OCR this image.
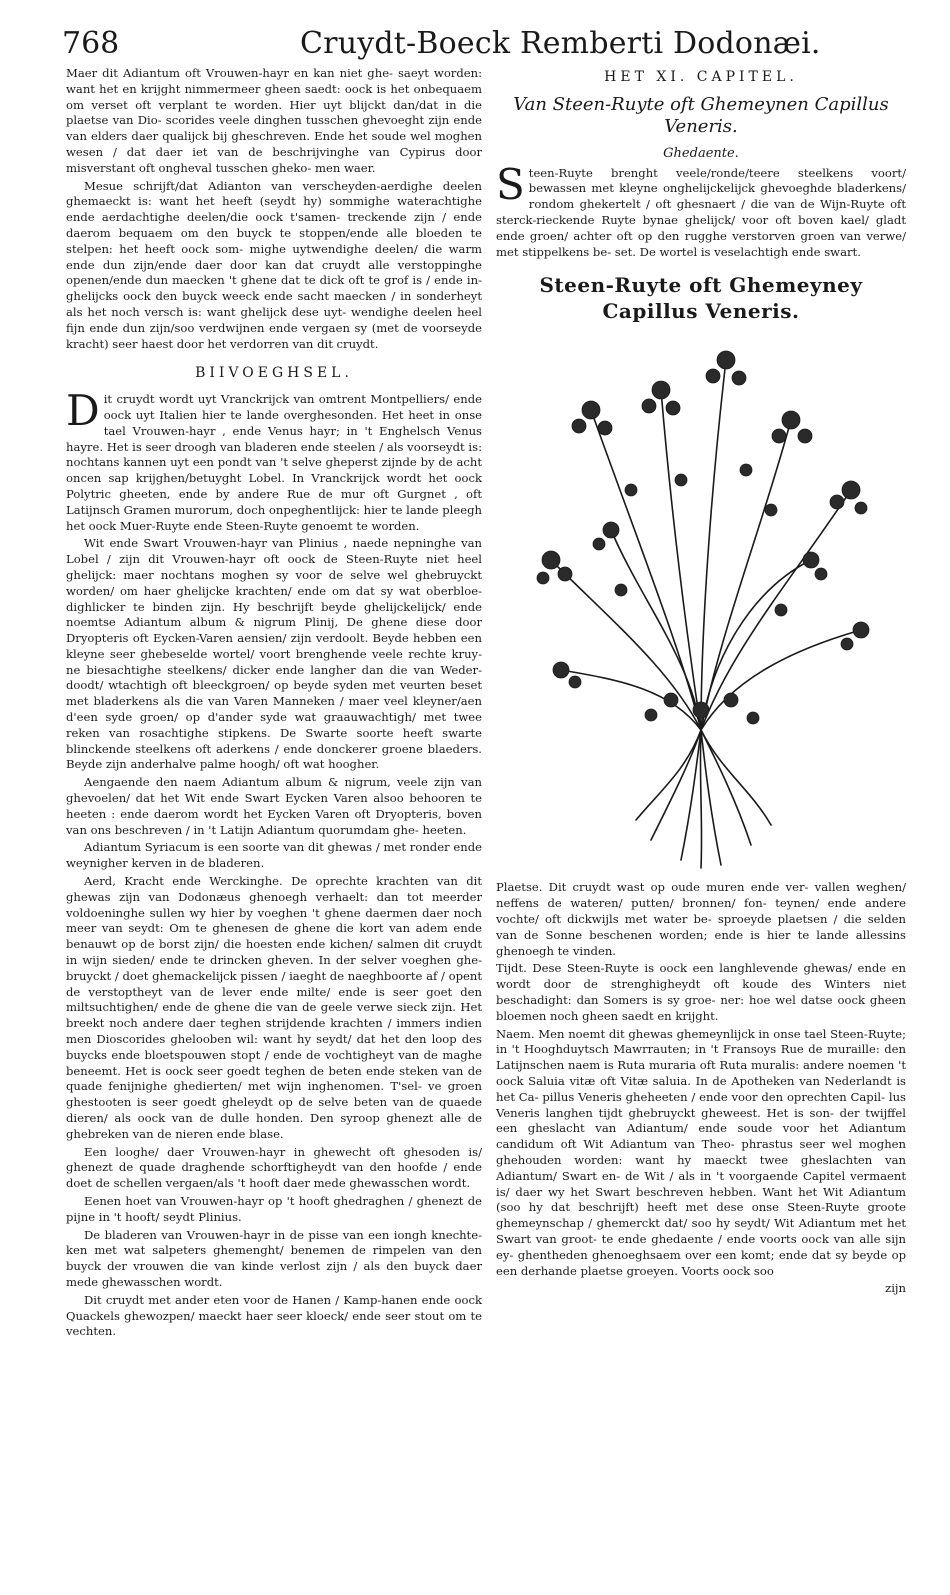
768	Cruydt-Boeck Remberti Dodonæi.

Maer dit Adiantum oft Vrouwen-hayr en kan niet ghe- saeyt worden: want het en krijght nimmermeer gheen saedt: oock is het onbequaem om verset oft verplant te worden. Hier uyt blijckt dan/dat in die plaetse van Dio- scorides veele dinghen tusschen ghevoeght zijn ende van elders daer qualijck bij gheschreven. Ende het soude wel moghen wesen / dat daer iet van de beschrijvinghe van Cypirus door misverstant oft ongheval tusschen gheko- men waer.

Mesue schrijft/dat Adianton van verscheyden-aerdighe deelen ghemaeckt is: want het heeft (seydt hy) sommighe waterachtighe ende aerdachtighe deelen/die oock t'samen- treckende zijn / ende daerom bequaem om den buyck te stoppen/ende alle bloeden te stelpen: het heeft oock som- mighe uytwendighe deelen/ die warm ende dun zijn/ende daer door kan dat cruydt alle verstoppinghe openen/ende dun maecken 't ghene dat te dick oft te grof is / ende in- ghelijcks oock den buyck weeck ende sacht maecken / in sonderheyt als het noch versch is: want ghelijck dese uyt- wendighe deelen heel fijn ende dun zijn/soo verdwijnen ende vergaen sy (met de voorseyde kracht) seer haest door het verdorren van dit cruydt.

BIIVOEGHSEL.

Dit cruydt wordt uyt Vranckrijck van omtrent Montpelliers/ ende oock uyt Italien hier te lande overghesonden. Het heet in onse tael Vrouwen-hayr , ende Venus hayr; in 't Enghelsch Venus hayre. Het is seer droogh van bladeren ende steelen / als voorseydt is: nochtans kannen uyt een pondt van 't selve gheperst zijnde by de acht oncen sap krijghen/betuyght Lobel. In Vranckrijck wordt het oock Polytric gheeten, ende by andere Rue de mur oft Gurgnet , oft Latijnsch Gramen murorum, doch onpeghentlijck: hier te lande pleegh het oock Muer-Ruyte ende Steen-Ruyte genoemt te worden.

Wit ende Swart Vrouwen-hayr van Plinius , naede nepninghe van Lobel / zijn dit Vrouwen-hayr oft oock de Steen-Ruyte niet heel ghelijck: maer nochtans moghen sy voor de selve wel ghebruyckt worden/ om haer ghelijcke krachten/ ende om dat sy wat oberbloe- dighlicker te binden zijn. Hy beschrijft beyde ghelijckelijck/ ende noemtse Adiantum album & nigrum Plinij, De ghene diese door Dryopteris oft Eycken-Varen aensien/ zijn verdoolt. Beyde hebben een kleyne seer ghebeselde wortel/ voort brenghende veele rechte kruy- ne biesachtighe steelkens/ dicker ende langher dan die van Weder- doodt/ wtachtigh oft bleeckgroen/ op beyde syden met veurten beset met bladerkens als die van Varen Manneken / maer veel kleyner/aen d'een syde groen/ op d'ander syde wat graauwachtigh/ met twee reken van rosachtighe stipkens. De Swarte soorte heeft swarte blinckende steelkens oft aderkens / ende donckerer groene blaeders. Beyde zijn anderhalve palme hoogh/ oft wat hoogher.

Aengaende den naem Adiantum album & nigrum, veele zijn van ghevoelen/ dat het Wit ende Swart Eycken Varen alsoo behooren te heeten : ende daerom wordt het Eycken Varen oft Dryopteris, boven van ons beschreven / in 't Latijn Adiantum quorumdam ghe- heeten.

Adiantum Syriacum is een soorte van dit ghewas / met ronder ende weynigher kerven in de bladeren.

Aerd, Kracht ende Werckinghe. De oprechte krachten van dit ghewas zijn van Dodonæus ghenoegh verhaelt: dan tot meerder voldoeninghe sullen wy hier by voeghen 't ghene daermen daer noch meer van seydt: Om te ghenesen de ghene die kort van adem ende benauwt op de borst zijn/ die hoesten ende kichen/ salmen dit cruydt in wijn sieden/ ende te drincken gheven. In der selver voeghen ghe- bruyckt / doet ghemackelijck pissen / iaeght de naeghboorte af / opent de verstoptheyt van de lever ende milte/ ende is seer goet den miltsuchtighen/ ende de ghene die van de geele verwe sieck zijn. Het breekt noch andere daer teghen strijdende krachten / immers indien men Dioscorides ghelooben wil: want hy seydt/ dat het den loop des buycks ende bloetspouwen stopt / ende de vochtigheyt van de maghe beneemt. Het is oock seer goedt teghen de beten ende steken van de quade fenijnighe ghedierten/ met wijn inghenomen. T'sel- ve groen ghestooten is seer goedt gheleydt op de selve beten van de quaede dieren/ als oock van de dulle honden. Den syroop ghenezt alle de ghebreken van de nieren ende blase.

Een looghe/ daer Vrouwen-hayr in ghewecht oft ghesoden is/ ghenezt de quade draghende schorftigheydt van den hoofde / ende doet de schellen vergaen/als 't hooft daer mede ghewasschen wordt.

Eenen hoet van Vrouwen-hayr op 't hooft ghedraghen / ghenezt de pijne in 't hooft/ seydt Plinius.

De bladeren van Vrouwen-hayr in de pisse van een iongh knechte- ken met wat salpeters ghemenght/ benemen de rimpelen van den buyck der vrouwen die van kinde verlost zijn / als den buyck daer mede ghewasschen wordt.

Dit cruydt met ander eten voor de Hanen / Kamp-hanen ende oock Quackels ghewozpen/ maeckt haer seer kloeck/ ende seer stout om te vechten.

HET XI. CAPITEL.
Van Steen-Ruyte oft Ghemeynen Capillus Veneris.
Ghedaente.

Steen-Ruyte brenght veele/ronde/teere steelkens voort/ bewassen met kleyne onghelijckelijck ghevoeghde bladerkens/ rondom ghekertelt / oft ghesnaert / die van de Wijn-Ruyte oft sterck-rieckende Ruyte bynae ghelijck/ voor oft boven kael/ gladt ende groen/ achter oft op den rugghe verstorven groen van verwe/ met stippelkens be- set. De wortel is veselachtigh ende swart.

Steen-Ruyte oft Ghemeyney Capillus Veneris.

Plaetse. Dit cruydt wast op oude muren ende ver- vallen weghen/ neffens de wateren/ putten/ bronnen/ fon- teynen/ ende andere vochte/ oft dickwijls met water be- sproeyde plaetsen / die selden van de Sonne beschenen worden; ende is hier te lande allessins ghenoegh te vinden.

Tijdt. Dese Steen-Ruyte is oock een langhlevende ghewas/ ende en wordt door de strenghigheydt oft koude des Winters niet beschadight: dan Somers is sy groe- ner: hoe wel datse oock gheen bloemen noch gheen saedt en krijght.

Naem. Men noemt dit ghewas ghemeynlijck in onse tael Steen-Ruyte; in 't Hooghduytsch Mawrrauten; in 't Fransoys Rue de muraille: den Latijnschen naem is Ruta muraria oft Ruta muralis: andere noemen 't oock Saluia vitæ oft Vitæ saluia. In de Apotheken van Nederlandt is het Ca- pillus Veneris gheheeten / ende voor den oprechten Capil- lus Veneris langhen tijdt ghebruyckt gheweest. Het is son- der twijffel een gheslacht van Adiantum/ ende soude voor het Adiantum candidum oft Wit Adiantum van Theo- phrastus seer wel moghen ghehouden worden: want hy maeckt twee gheslachten van Adiantum/ Swart en- de Wit / als in 't voorgaende Capitel vermaent is/ daer wy het Swart beschreven hebben. Want het Wit Adiantum (soo hy dat beschrijft) heeft met dese onse Steen-Ruyte groote ghemeynschap / ghemerckt dat/ soo hy seydt/ Wit Adiantum met het Swart van groot- te ende ghedaente / ende voorts oock van alle sijn ey- ghentheden ghenoeghsaem over een komt; ende dat sy beyde op een derhande plaetse groeyen. Voorts oock soo

zijn
